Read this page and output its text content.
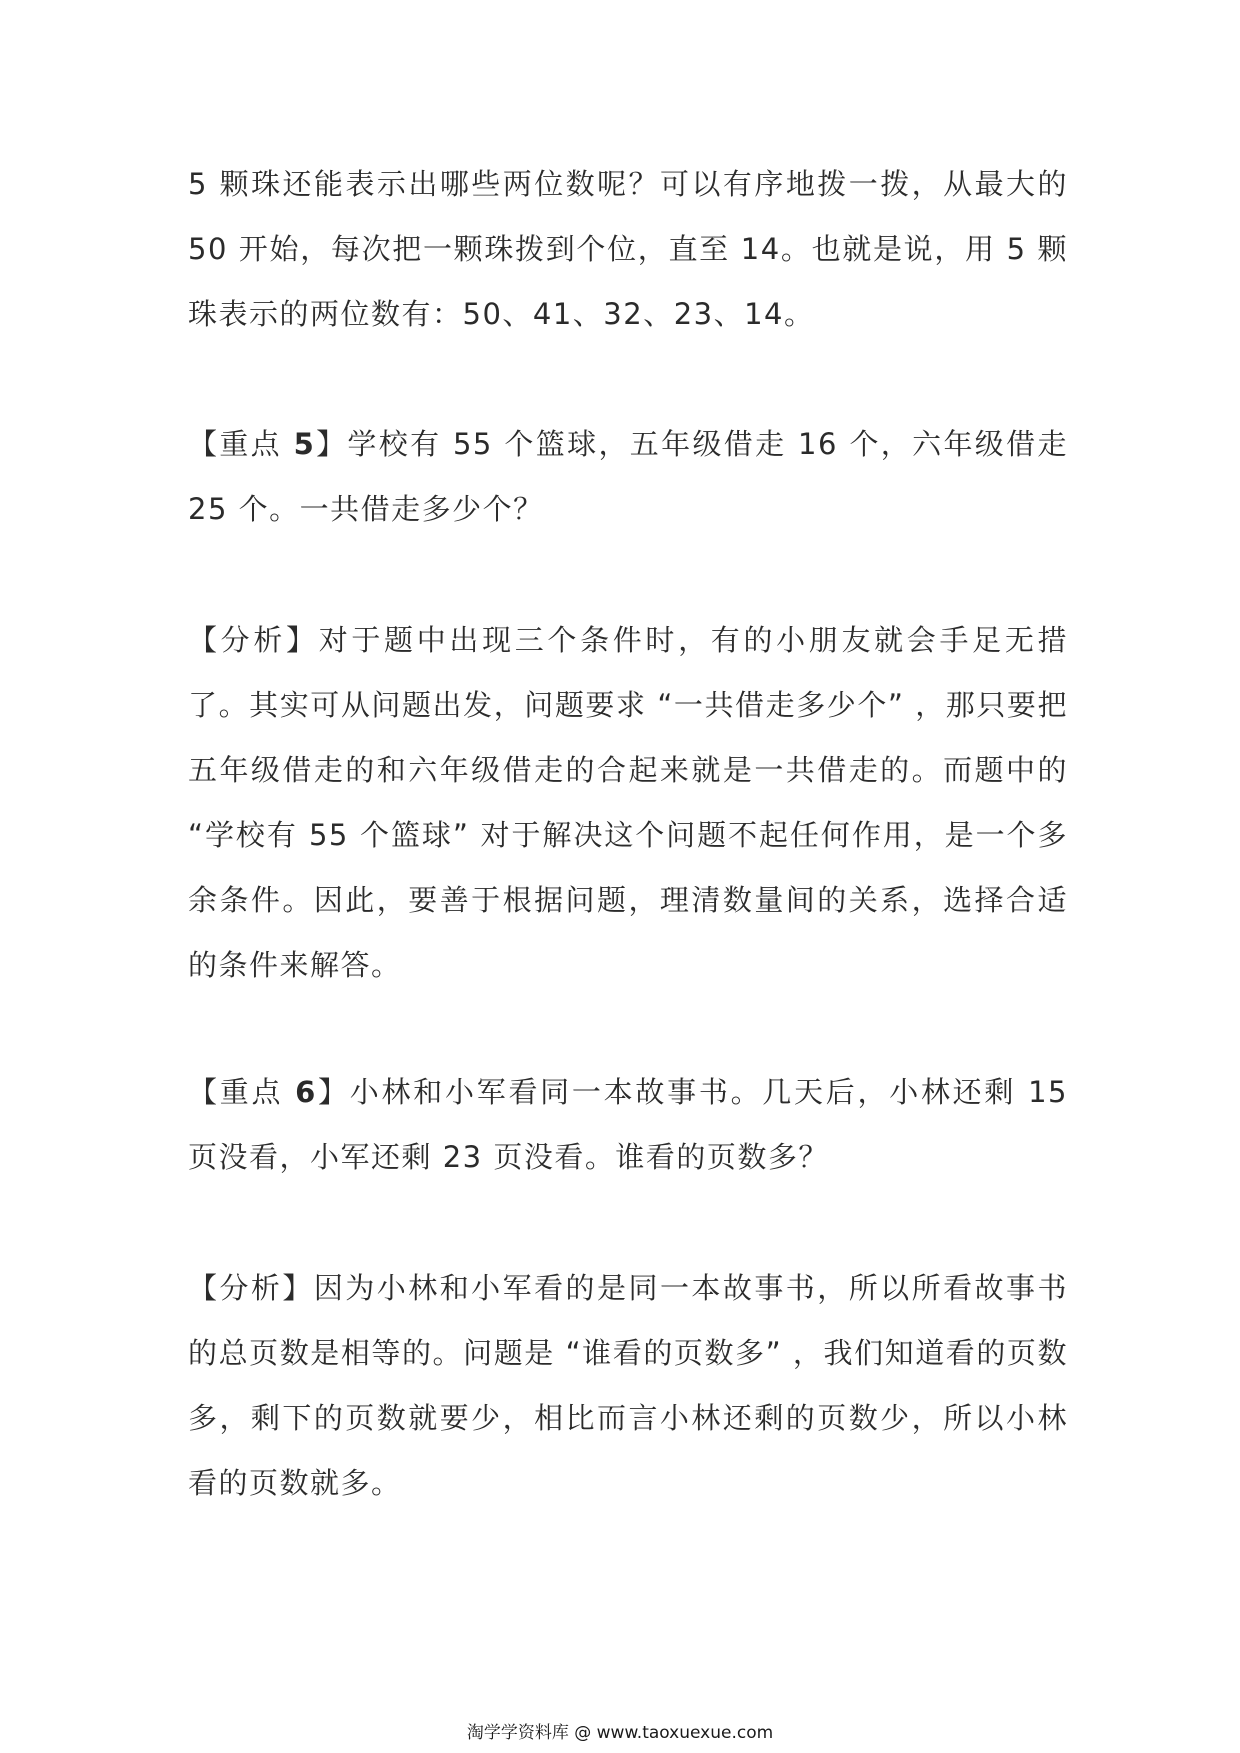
5 颗珠还能表示出哪些两位数呢？可以有序地拨一拨，从最大的 50 开始，每次把一颗珠拨到个位，直至 14。也就是说，用 5 颗珠表示的两位数有：50、41、32、23、14。

【重点 5】学校有 55 个篮球，五年级借走 16 个，六年级借走 25 个。一共借走多少个？

【分析】对于题中出现三个条件时，有的小朋友就会手足无措了。其实可从问题出发，问题要求 “一共借走多少个” ，那只要把五年级借走的和六年级借走的合起来就是一共借走的。而题中的 “学校有 55 个篮球” 对于解决这个问题不起任何作用，是一个多余条件。因此，要善于根据问题，理清数量间的关系，选择合适的条件来解答。

【重点 6】小林和小军看同一本故事书。几天后，小林还剩 15 页没看，小军还剩 23 页没看。谁看的页数多？

【分析】因为小林和小军看的是同一本故事书，所以所看故事书的总页数是相等的。问题是 “谁看的页数多” ，我们知道看的页数多，剩下的页数就要少，相比而言小林还剩的页数少，所以小林看的页数就多。

淘学学资料库 @ www.taoxuexue.com
